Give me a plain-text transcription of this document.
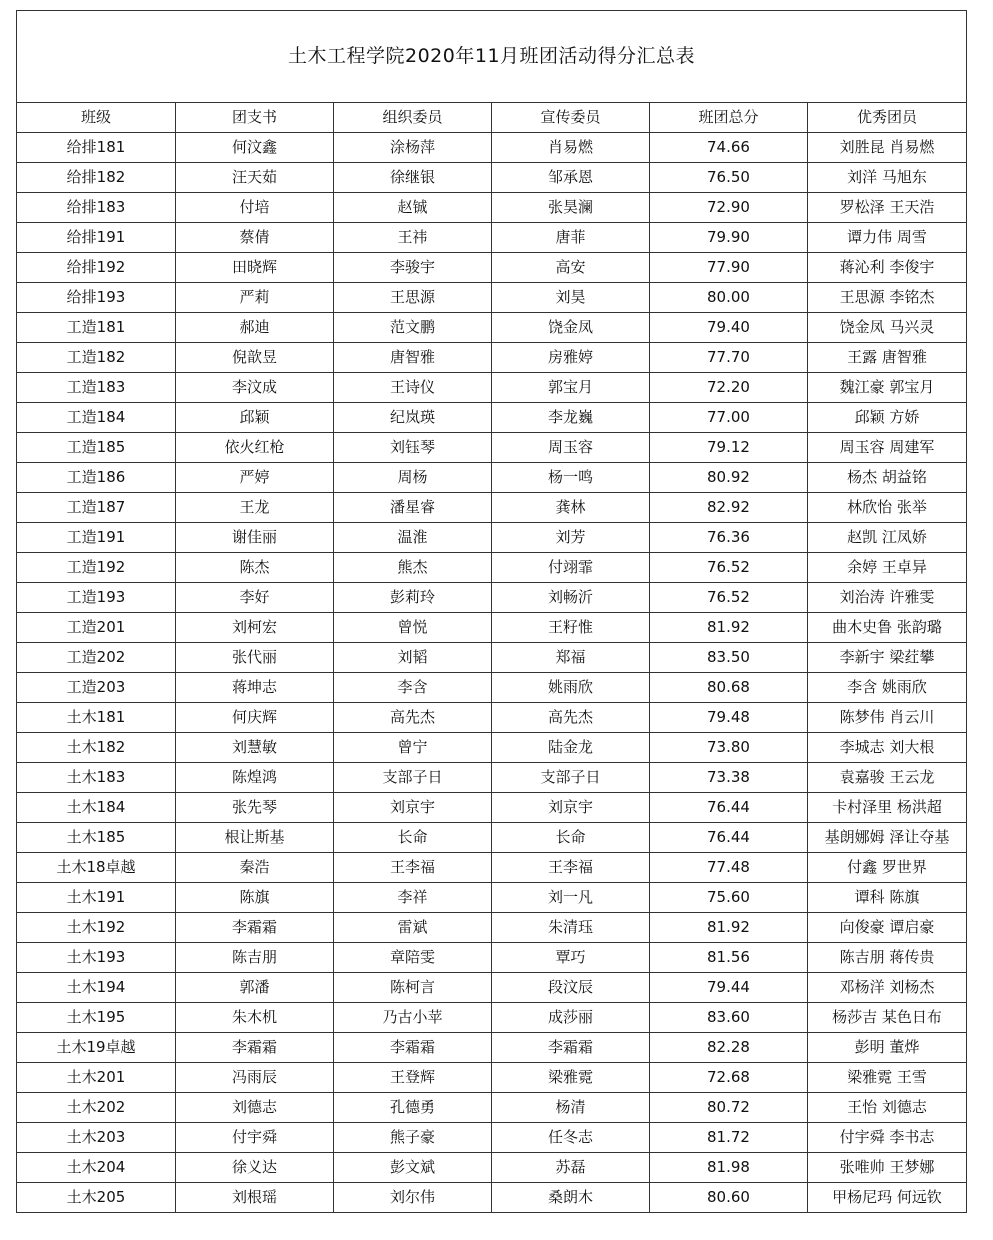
土木工程学院2020年11月班团活动得分汇总表					
班级	团支书	组织委员	宣传委员	班团总分	优秀团员
给排181	何汶鑫	涂杨萍	肖易燃	74.66	刘胜昆 肖易燃
给排182	汪天茹	徐继银	邹承恩	76.50	刘洋 马旭东
给排183	付培	赵铖	张昊澜	72.90	罗松泽 王天浩
给排191	蔡倩	王祎	唐菲	79.90	谭力伟 周雪
给排192	田晓辉	李骏宇	高安	77.90	蒋沁利 李俊宇
给排193	严莉	王思源	刘昊	80.00	王思源 李铭杰
工造181	郝迪	范文鹏	饶金凤	79.40	饶金凤 马兴灵
工造182	倪歆昱	唐智雅	房雅婷	77.70	王露 唐智雅
工造183	李汶成	王诗仪	郭宝月	72.20	魏江豪 郭宝月
工造184	邱颖	纪岚瑛	李龙巍	77.00	邱颖 方娇
工造185	依火红枪	刘钰琴	周玉容	79.12	周玉容 周建军
工造186	严婷	周杨	杨一鸣	80.92	杨杰 胡益铭
工造187	王龙	潘星睿	龚林	82.92	林欣怡 张举
工造191	谢佳丽	温淮	刘芳	76.36	赵凯 江凤娇
工造192	陈杰	熊杰	付翊霏	76.52	余婷 王卓异
工造193	李好	彭莉玲	刘畅沂	76.52	刘治涛 许雅雯
工造201	刘柯宏	曾悦	王籽惟	81.92	曲木史鲁 张韵璐
工造202	张代丽	刘韬	郑福	83.50	李新宇 梁荭攀
工造203	蒋坤志	李含	姚雨欣	80.68	李含 姚雨欣
土木181	何庆辉	高先杰	高先杰	79.48	陈梦伟 肖云川
土木182	刘慧敏	曾宁	陆金龙	73.80	李城志 刘大根
土木183	陈煌鸿	支部子日	支部子日	73.38	袁嘉骏 王云龙
土木184	张先琴	刘京宇	刘京宇	76.44	卡村泽里 杨洪超
土木185	根让斯基	长命	长命	76.44	基朗娜姆 泽让夺基
土木18卓越	秦浩	王李福	王李福	77.48	付鑫 罗世界
土木191	陈旗	李祥	刘一凡	75.60	谭科 陈旗
土木192	李霜霜	雷斌	朱清珏	81.92	向俊豪 谭启豪
土木193	陈吉朋	章陪雯	覃巧	81.56	陈吉朋 蒋传贵
土木194	郭潘	陈柯言	段汶辰	79.44	邓杨洋 刘杨杰
土木195	朱木机	乃古小苹	成莎丽	83.60	杨莎吉 某色日布
土木19卓越	李霜霜	李霜霜	李霜霜	82.28	彭明 董烨
土木201	冯雨辰	王登辉	梁雅霓	72.68	梁雅霓 王雪
土木202	刘德志	孔德勇	杨清	80.72	王怡 刘德志
土木203	付宇舜	熊子豪	任冬志	81.72	付宇舜 李书志
土木204	徐义达	彭文斌	苏磊	81.98	张唯帅 王梦娜
土木205	刘根瑶	刘尔伟	桑朗木	80.60	甲杨尼玛 何远钦
